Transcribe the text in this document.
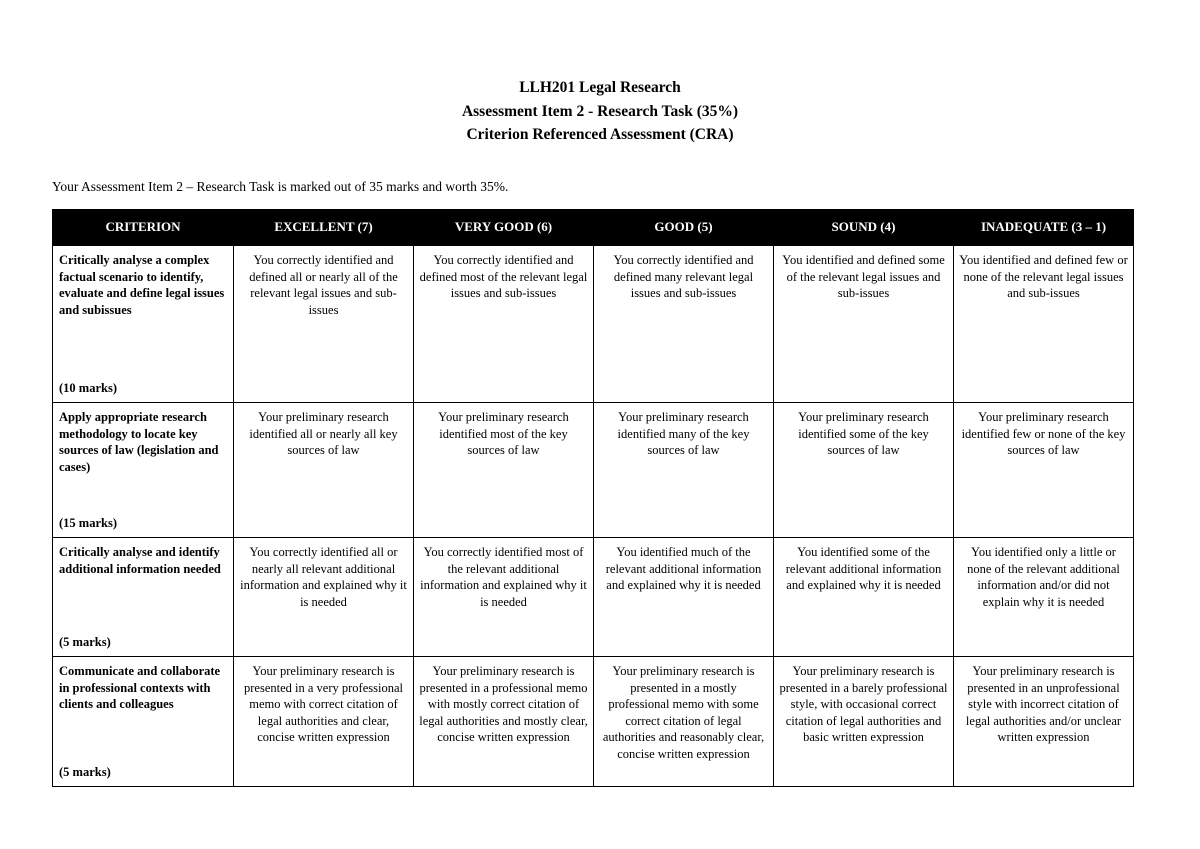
LLH201 Legal Research
Assessment Item 2 - Research Task (35%)
Criterion Referenced Assessment (CRA)
Your Assessment Item 2 – Research Task is marked out of 35 marks and worth 35%.
CRITERION	EXCELLENT (7)	VERY GOOD (6)	GOOD (5)	SOUND (4)	INADEQUATE (3 – 1)

Critically analyse a complex factual scenario to identify, evaluate and define legal issues and subissues
(10 marks)	You correctly identified and defined all or nearly all of the relevant legal issues and sub-issues	You correctly identified and defined most of the relevant legal issues and sub-issues	You correctly identified and defined many relevant legal issues and sub-issues	You identified and defined some of the relevant legal issues and sub-issues	You identified and defined few or none of the relevant legal issues and sub-issues

Apply appropriate research methodology to locate key sources of law (legislation and cases)
(15 marks)	Your preliminary research identified all or nearly all key sources of law	Your preliminary research identified most of the key sources of law	Your preliminary research identified many of the key sources of law	Your preliminary research identified some of the key sources of law	Your preliminary research identified few or none of the key sources of law

Critically analyse and identify additional information needed
(5 marks)	You correctly identified all or nearly all relevant additional information and explained why it is needed	You correctly identified most of the relevant additional information and explained why it is needed	You identified much of the relevant additional information and explained why it is needed	You identified some of the relevant additional information and explained why it is needed	You identified only a little or none of the relevant additional information and/or did not explain why it is needed

Communicate and collaborate in professional contexts with clients and colleagues
(5 marks)	Your preliminary research is presented in a very professional memo with correct citation of legal authorities and clear, concise written expression	Your preliminary research is presented in a professional memo with mostly correct citation of legal authorities and mostly clear, concise written expression	Your preliminary research is presented in a mostly professional memo with some correct citation of legal authorities and reasonably clear, concise written expression	Your preliminary research is presented in a barely professional style, with occasional correct citation of legal authorities and basic written expression	Your preliminary research is presented in an unprofessional style with incorrect citation of legal authorities and/or unclear written expression
